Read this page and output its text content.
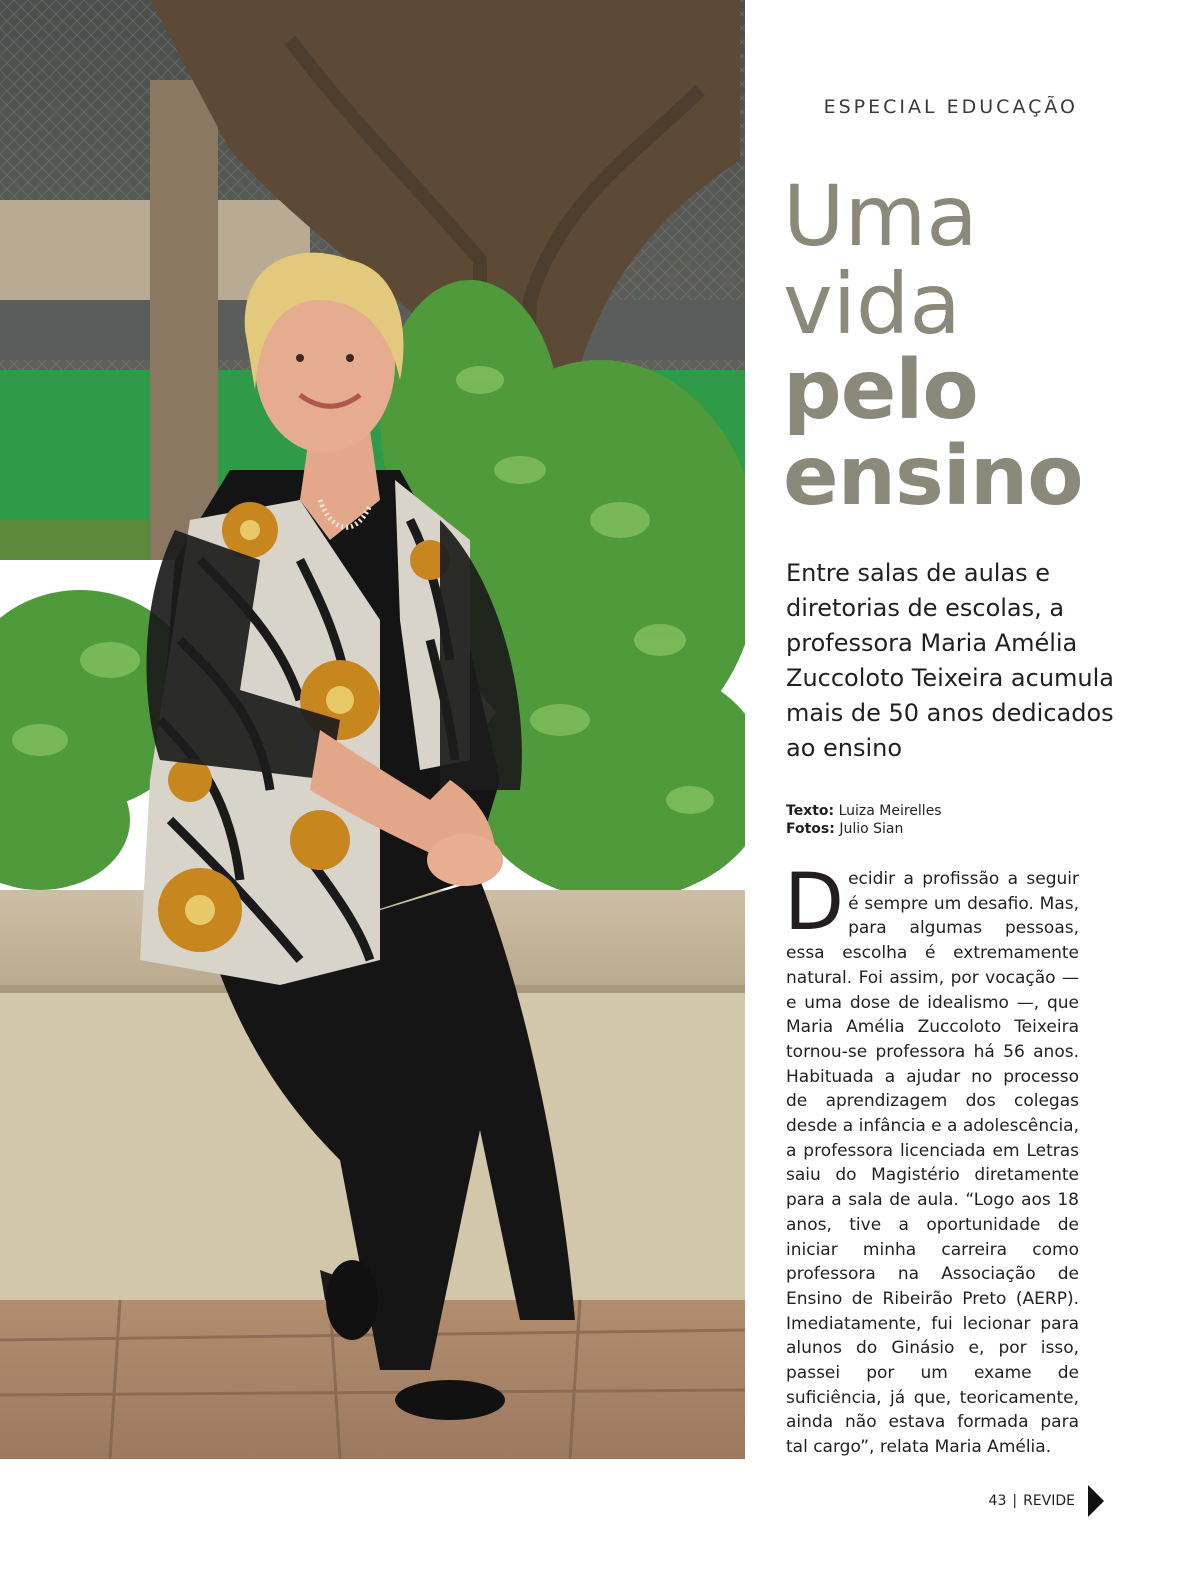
ESPECIAL EDUCAÇÃO
Uma
vida
pelo
ensino
Entre salas de aulas e diretorias de escolas, a professora Maria Amélia Zuccoloto Teixeira acumula mais de 50 anos dedicados ao ensino
Texto: Luiza Meirelles
Fotos: Julio Sian
Decidir a profissão a seguir é sempre um desafio. Mas, para algumas pessoas, essa escolha é extremamente natural. Foi assim, por vocação — e uma dose de idealismo —, que Maria Amélia Zuccoloto Teixeira tornou-se professora há 56 anos. Habituada a ajudar no processo de aprendizagem dos colegas desde a infância e a adolescência, a professora licenciada em Letras saiu do Magistério diretamente para a sala de aula. “Logo aos 18 anos, tive a oportunidade de iniciar minha carreira como professora na Associação de Ensino de Ribeirão Preto (AERP). Imediatamente, fui lecionar para alunos do Ginásio e, por isso, passei por um exame de suficiência, já que, teoricamente, ainda não estava formada para tal cargo”, relata Maria Amélia.
43 | REVIDE
